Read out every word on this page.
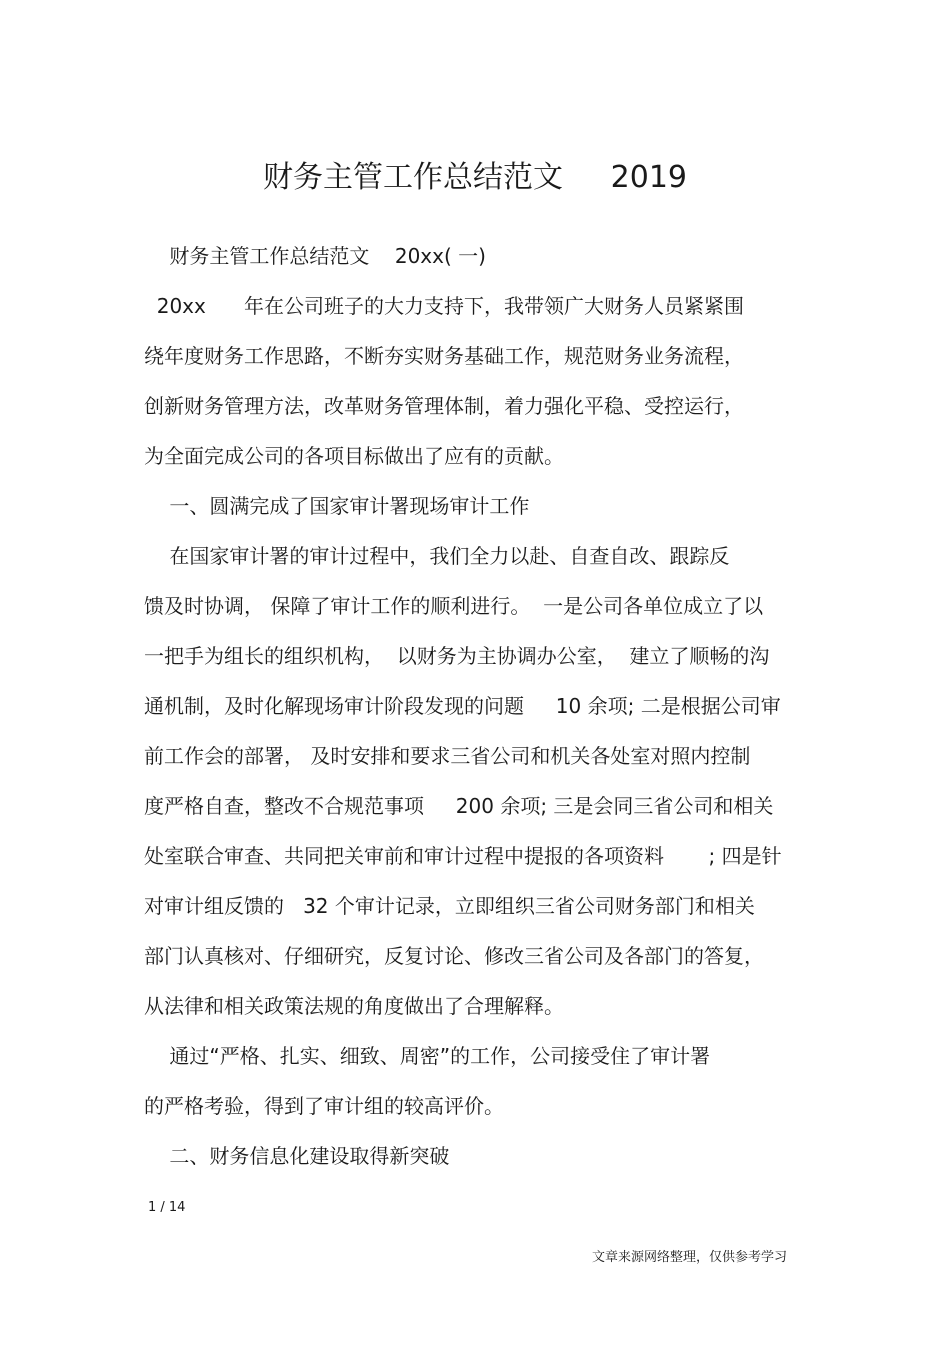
财务主管工作总结范文     2019
财务主管工作总结范文    20xx( 一)
20xx      年在公司班子的大力支持下，我带领广大财务人员紧紧围
绕年度财务工作思路，不断夯实财务基础工作，规范财务业务流程，
创新财务管理方法，改革财务管理体制，着力强化平稳、受控运行，
为全面完成公司的各项目标做出了应有的贡献。
一、圆满完成了国家审计署现场审计工作
在国家审计署的审计过程中，我们全力以赴、自查自改、跟踪反
馈及时协调， 保障了审计工作的顺利进行。  一是公司各单位成立了以
一把手为组长的组织机构，  以财务为主协调办公室，  建立了顺畅的沟
通机制，及时化解现场审计阶段发现的问题     10 余项; 二是根据公司审
前工作会的部署， 及时安排和要求三省公司和机关各处室对照内控制
度严格自查，整改不合规范事项     200 余项; 三是会同三省公司和相关
处室联合审查、共同把关审前和审计过程中提报的各项资料       ; 四是针
对审计组反馈的   32 个审计记录，立即组织三省公司财务部门和相关
部门认真核对、仔细研究，反复讨论、修改三省公司及各部门的答复，
从法律和相关政策法规的角度做出了合理解释。
通过“严格、扎实、细致、周密”的工作，公司接受住了审计署
的严格考验，得到了审计组的较高评价。
二、财务信息化建设取得新突破
1 / 14
文章来源网络整理，仅供参考学习
